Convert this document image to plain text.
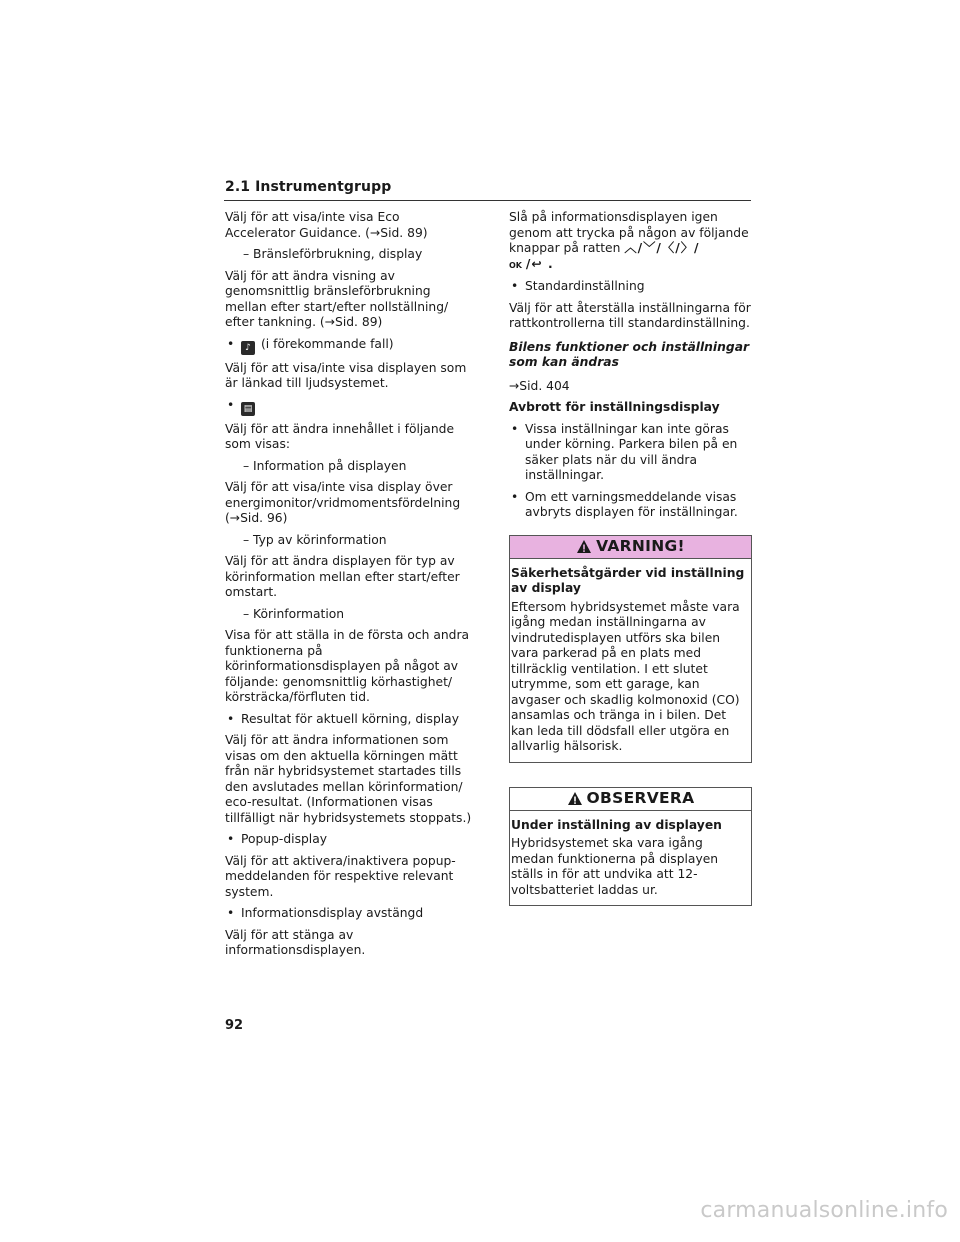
2.1 Instrumentgrupp

Välj för att visa/inte visa Eco Accelerator Guidance. (→Sid. 89)

– Bränsleförbrukning, display

Välj för att ändra visning av genomsnittlig bränsleförbrukning mellan efter start/efter nollställning/ efter tankning. (→Sid. 89)

•	♪ (i förekommande fall)

Välj för att visa/inte visa displayen som är länkad till ljudsystemet.

•	▤

Välj för att ändra innehållet i följande som visas:

– Information på displayen

Välj för att visa/inte visa display över energimonitor/vridmomentsfördelning (→Sid. 96)

– Typ av körinformation

Välj för att ändra displayen för typ av körinformation mellan efter start/efter omstart.

– Körinformation

Visa för att ställa in de första och andra funktionerna på körinformationsdisplayen på något av följande: genomsnittlig körhastighet/ körsträcka/förfluten tid.

• Resultat för aktuell körning, display

Välj för att ändra informationen som visas om den aktuella körningen mätt från när hybridsystemet startades tills den avslutades mellan körinformation/ eco-resultat. (Informationen visas tillfälligt när hybridsystemets stoppats.)

• Popup-display

Välj för att aktivera/inaktivera popup-meddelanden för respektive relevant system.

• Informationsdisplay avstängd

Välj för att stänga av informationsdisplayen.

Slå på informationsdisplayen igen genom att trycka på någon av följande knappar på ratten ︿/﹀/〈/〉/
OK /↩ .

• Standardinställning

Välj för att återställa inställningarna för rattkontrollerna till standardinställning.

Bilens funktioner och inställningar som kan ändras

→Sid. 404

Avbrott för inställningsdisplay

• Vissa inställningar kan inte göras under körning. Parkera bilen på en säker plats när du vill ändra inställningar.
• Om ett varningsmeddelande visas avbryts displayen för inställningar.
VARNING!

Säkerhetsåtgärder vid inställning av display

Eftersom hybridsystemet måste vara igång medan inställningarna av vindrutedisplayen utförs ska bilen vara parkerad på en plats med tillräcklig ventilation. I ett slutet utrymme, som ett garage, kan avgaser och skadlig kolmonoxid (CO) ansamlas och tränga in i bilen. Det kan leda till dödsfall eller utgöra en allvarlig hälsorisk.

OBSERVERA

Under inställning av displayen

Hybridsystemet ska vara igång medan funktionerna på displayen ställs in för att undvika att 12-voltsbatteriet laddas ur.

92
carmanualsonline.info
